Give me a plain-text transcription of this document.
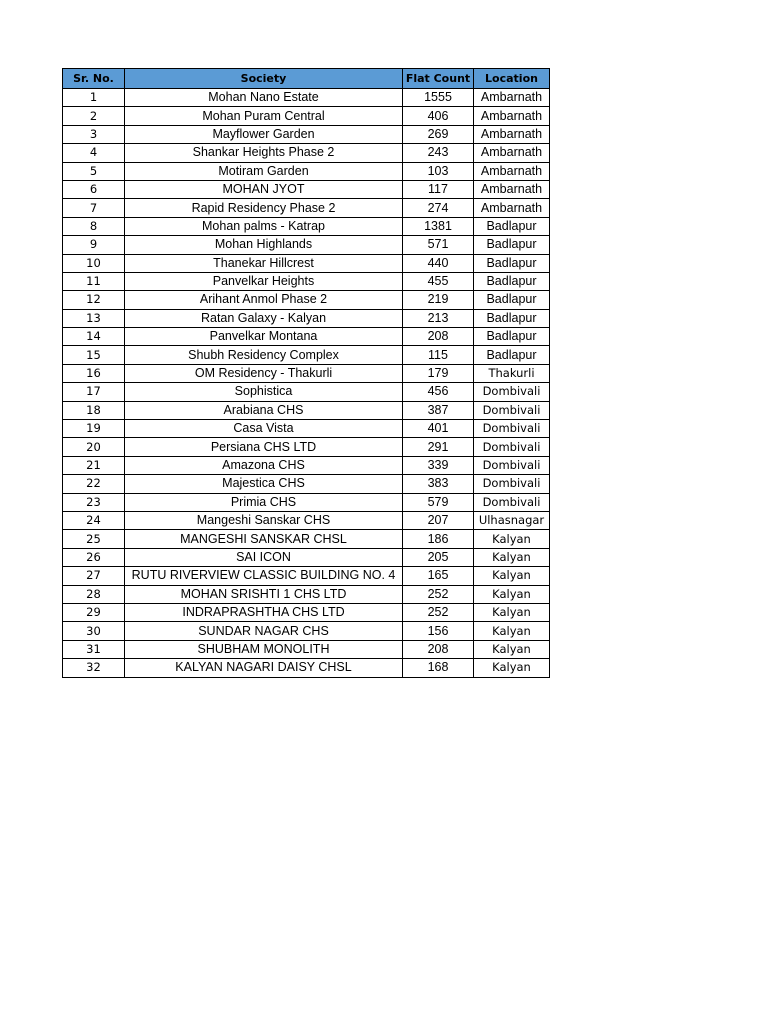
Sr. No.	Society	Flat Count	Location
1	Mohan Nano Estate	1555	Ambarnath
2	Mohan Puram Central	406	Ambarnath
3	Mayflower Garden	269	Ambarnath
4	Shankar Heights Phase 2	243	Ambarnath
5	Motiram Garden	103	Ambarnath
6	MOHAN JYOT	117	Ambarnath
7	Rapid Residency Phase 2	274	Ambarnath
8	Mohan palms - Katrap	1381	Badlapur
9	Mohan Highlands	571	Badlapur
10	Thanekar Hillcrest	440	Badlapur
11	Panvelkar Heights	455	Badlapur
12	Arihant Anmol Phase 2	219	Badlapur
13	Ratan Galaxy - Kalyan	213	Badlapur
14	Panvelkar Montana	208	Badlapur
15	Shubh Residency Complex	115	Badlapur
16	OM Residency - Thakurli	179	Thakurli
17	Sophistica	456	Dombivali
18	Arabiana CHS	387	Dombivali
19	Casa Vista	401	Dombivali
20	Persiana CHS LTD	291	Dombivali
21	Amazona CHS	339	Dombivali
22	Majestica CHS	383	Dombivali
23	Primia CHS	579	Dombivali
24	Mangeshi Sanskar CHS	207	Ulhasnagar
25	MANGESHI SANSKAR CHSL	186	Kalyan
26	SAI ICON	205	Kalyan
27	RUTU RIVERVIEW CLASSIC BUILDING NO. 4	165	Kalyan
28	MOHAN SRISHTI 1 CHS LTD	252	Kalyan
29	INDRAPRASHTHA CHS LTD	252	Kalyan
30	SUNDAR NAGAR CHS	156	Kalyan
31	SHUBHAM MONOLITH	208	Kalyan
32	KALYAN NAGARI DAISY CHSL	168	Kalyan
